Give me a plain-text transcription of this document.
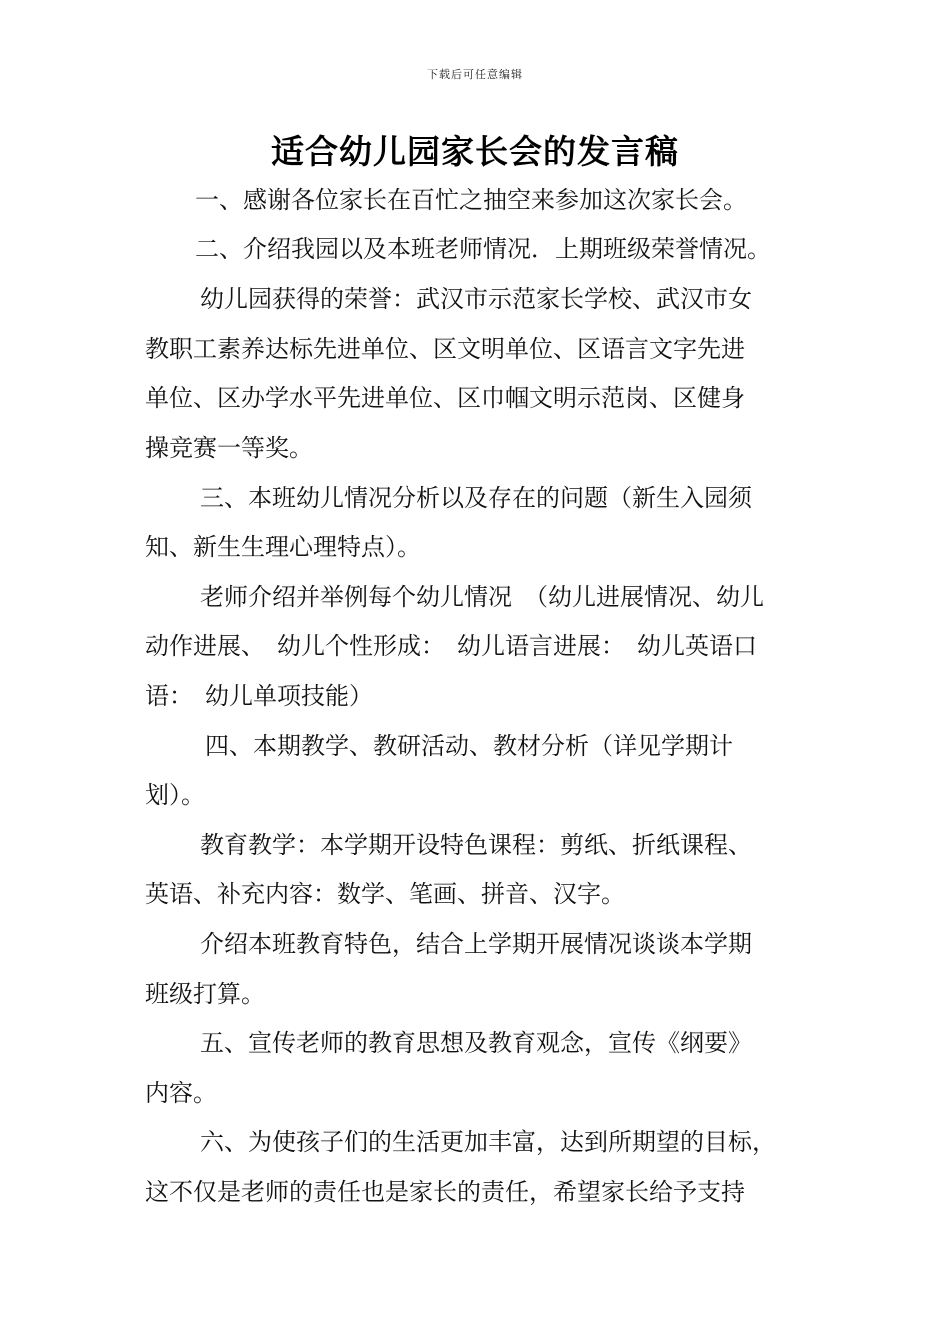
下载后可任意编辑
适合幼儿园家长会的发言稿
一、感谢各位家长在百忙之抽空来参加这次家长会。
二、介绍我园以及本班老师情况．上期班级荣誉情况。
幼儿园获得的荣誉：武汉市示范家长学校、武汉市女
教职工素养达标先进单位、区文明单位、区语言文字先进
单位、区办学水平先进单位、区巾帼文明示范岗、区健身
操竞赛一等奖。
三、本班幼儿情况分析以及存在的问题（新生入园须
知、新生生理心理特点）。
老师介绍并举例每个幼儿情况　（幼儿进展情况、幼儿
动作进展、　幼儿个性形成：　幼儿语言进展：　幼儿英语口
语：　幼儿单项技能）
四、本期教学、教研活动、教材分析（详见学期计
划）。
教育教学：本学期开设特色课程：剪纸、折纸课程、
英语、补充内容：数学、笔画、拼音、汉字。
介绍本班教育特色，结合上学期开展情况谈谈本学期
班级打算。
五、宣传老师的教育思想及教育观念，宣传《纲要》
内容。
六、为使孩子们的生活更加丰富，达到所期望的目标，
这不仅是老师的责任也是家长的责任，希望家长给予支持
